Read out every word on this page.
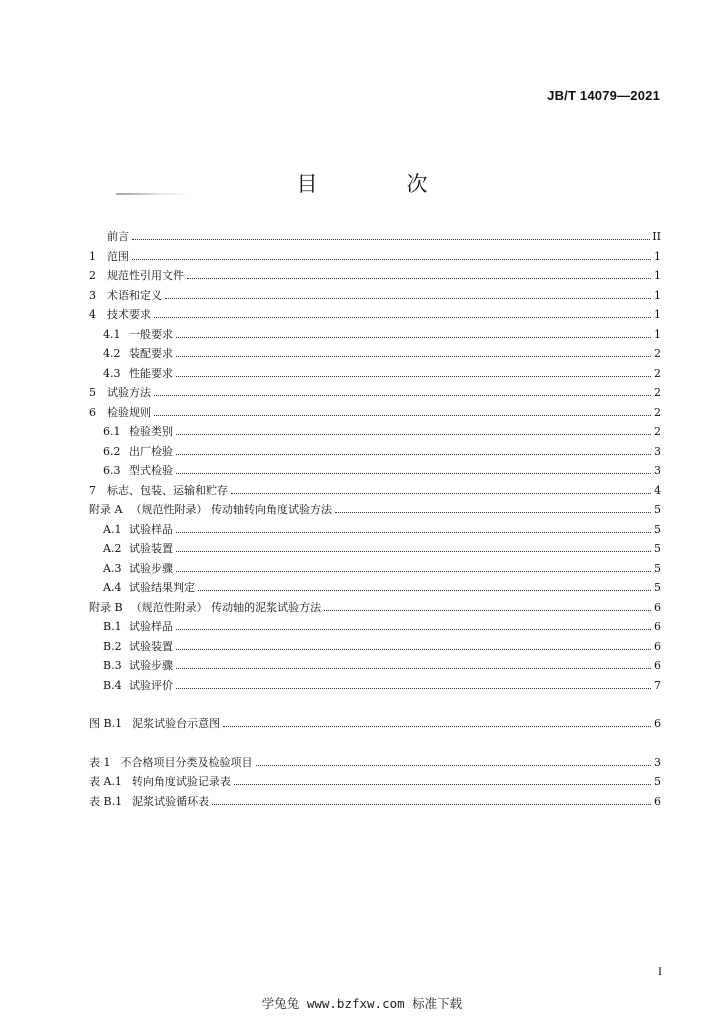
JB/T 14079—2021
目　次
前言	II
1	范围	1
2	规范性引用文件	1
3	术语和定义	1
4	技术要求	1
4.1 一般要求	1
4.2 装配要求	2
4.3 性能要求	2
5	试验方法	2
6	检验规则	2
6.1 检验类别	2
6.2 出厂检验	3
6.3 型式检验	3
7	标志、包装、运输和贮存	4
附录 A （规范性附录） 传动轴转向角度试验方法	5
A.1 试验样品	5
A.2 试验装置	5
A.3 试验步骤	5
A.4 试验结果判定	5
附录 B （规范性附录） 传动轴的泥浆试验方法	6
B.1 试验样品	6
B.2 试验装置	6
B.3 试验步骤	6
B.4 试验评价	7
图 B.1 泥浆试验台示意图	6
表 1 不合格项目分类及检验项目	3
表 A.1 转向角度试验记录表	5
表 B.1 泥浆试验循环表	6
I
学兔兔 www.bzfxw.com 标准下载
